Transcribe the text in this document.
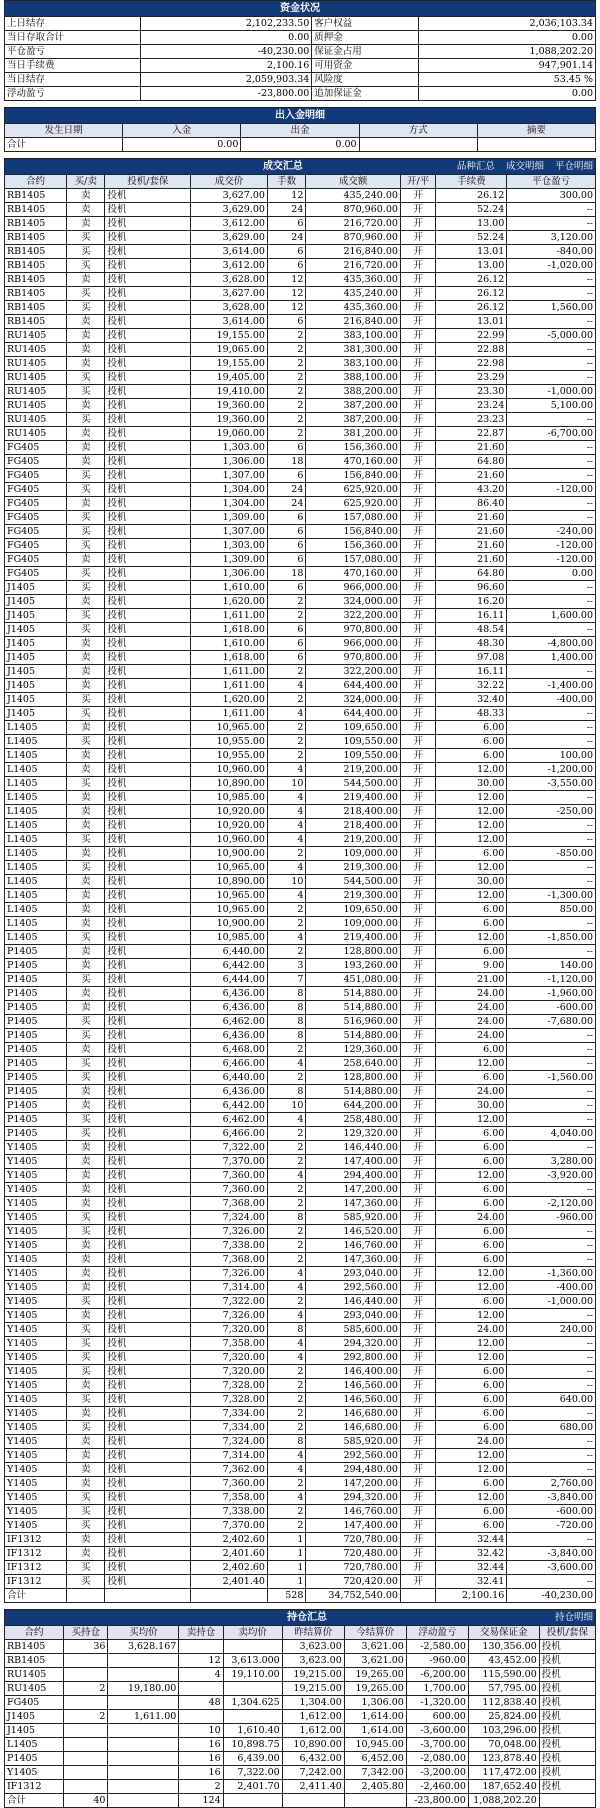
资金状况			
上日结存	2,102,233.50	客户权益	2,036,103.34
当日存取合计	0.00	质押金	0.00
平仓盈亏	-40,230.00	保证金占用	1,088,202.20
当日手续费	2,100.16	可用资金	947,901.14
当日结存	2,059,903.34	风险度	53.45 %
浮动盈亏	-23,800.00	追加保证金	0.00
出入金明细				
发生日期	入金	出金	方式	摘要
合计	0.00	0.00		
成交汇总 品种汇总 成交明细 平仓明细								

合约	买/卖	投机/套保	成交价	手数	成交额	开/平	手续费	平仓盈亏
RB1405	卖	投机	3,627.00	12	435,240.00	开	26.12	300.00
RB1405	卖	投机	3,629.00	24	870,960.00	开	52.24	--
RB1405	卖	投机	3,612.00	6	216,720.00	开	13.00	--
RB1405	买	投机	3,629.00	24	870,960.00	开	52.24	3,120.00
RB1405	买	投机	3,614.00	6	216,840.00	开	13.01	-840.00
RB1405	买	投机	3,612.00	6	216,720.00	开	13.00	-1,020.00
RB1405	卖	投机	3,628.00	12	435,360.00	开	26.12	--
RB1405	买	投机	3,627.00	12	435,240.00	开	26.12	--
RB1405	买	投机	3,628.00	12	435,360.00	开	26.12	1,560.00
RB1405	卖	投机	3,614.00	6	216,840.00	开	13.01	--
RU1405	卖	投机	19,155.00	2	383,100.00	开	22.99	-5,000.00
RU1405	卖	投机	19,065.00	2	381,300.00	开	22.88	--
RU1405	卖	投机	19,155.00	2	383,100.00	开	22.98	--
RU1405	买	投机	19,405.00	2	388,100.00	开	23.29	--
RU1405	买	投机	19,410.00	2	388,200.00	开	23.30	-1,000.00
RU1405	卖	投机	19,360.00	2	387,200.00	开	23.24	5,100.00
RU1405	买	投机	19,360.00	2	387,200.00	开	23.23	--
RU1405	卖	投机	19,060.00	2	381,200.00	开	22.87	-6,700.00
FG405	卖	投机	1,303.00	6	156,360.00	开	21.60	--
FG405	卖	投机	1,306.00	18	470,160.00	开	64.80	--
FG405	买	投机	1,307.00	6	156,840.00	开	21.60	--
FG405	买	投机	1,304.00	24	625,920.00	开	43.20	-120.00
FG405	卖	投机	1,304.00	24	625,920.00	开	86.40	--
FG405	买	投机	1,309.00	6	157,080.00	开	21.60	--
FG405	买	投机	1,307.00	6	156,840.00	开	21.60	-240.00
FG405	买	投机	1,303.00	6	156,360.00	开	21.60	-120.00
FG405	卖	投机	1,309.00	6	157,080.00	开	21.60	-120.00
FG405	买	投机	1,306.00	18	470,160.00	开	64.80	0.00
J1405	买	投机	1,610.00	6	966,000.00	开	96.60	--
J1405	卖	投机	1,620.00	2	324,000.00	开	16.20	--
J1405	买	投机	1,611.00	2	322,200.00	开	16.11	1,600.00
J1405	买	投机	1,618.00	6	970,800.00	开	48.54	--
J1405	卖	投机	1,610.00	6	966,000.00	开	48.30	-4,800.00
J1405	卖	投机	1,618.00	6	970,800.00	开	97.08	1,400.00
J1405	卖	投机	1,611.00	2	322,200.00	开	16.11	--
J1405	卖	投机	1,611.00	4	644,400.00	开	32.22	-1,400.00
J1405	买	投机	1,620.00	2	324,000.00	开	32.40	-400.00
J1405	买	投机	1,611.00	4	644,400.00	开	48.33	--
L1405	卖	投机	10,965.00	2	109,650.00	开	6.00	--
L1405	买	投机	10,955.00	2	109,550.00	开	6.00	--
L1405	卖	投机	10,955.00	2	109,550.00	开	6.00	100.00
L1405	卖	投机	10,960.00	4	219,200.00	开	12.00	-1,200.00
L1405	买	投机	10,890.00	10	544,500.00	开	30.00	-3,550.00
L1405	卖	投机	10,985.00	4	219,400.00	开	12.00	--
L1405	卖	投机	10,920.00	4	218,400.00	开	12.00	-250.00
L1405	卖	投机	10,920.00	4	218,400.00	开	12.00	--
L1405	买	投机	10,960.00	4	219,200.00	开	12.00	--
L1405	卖	投机	10,900.00	2	109,000.00	开	6.00	-850.00
L1405	买	投机	10,965.00	4	219,300.00	开	12.00	--
L1405	卖	投机	10,890.00	10	544,500.00	开	30.00	--
L1405	卖	投机	10,965.00	4	219,300.00	开	12.00	-1,300.00
L1405	卖	投机	10,965.00	2	109,650.00	开	6.00	850.00
L1405	卖	投机	10,900.00	2	109,000.00	开	6.00	--
L1405	买	投机	10,985.00	4	219,400.00	开	12.00	-1,850.00
P1405	卖	投机	6,440.00	2	128,800.00	开	6.00	--
P1405	卖	投机	6,442.00	3	193,260.00	开	9.00	140.00
P1405	买	投机	6,444.00	7	451,080.00	开	21.00	-1,120.00
P1405	卖	投机	6,436.00	8	514,880.00	开	24.00	-1,960.00
P1405	卖	投机	6,436.00	8	514,880.00	开	24.00	-600.00
P1405	买	投机	6,462.00	8	516,960.00	开	24.00	-7,680.00
P1405	买	投机	6,436.00	8	514,880.00	开	24.00	--
P1405	卖	投机	6,468.00	2	129,360.00	开	6.00	--
P1405	买	投机	6,466.00	4	258,640.00	开	12.00	--
P1405	买	投机	6,440.00	2	128,800.00	开	6.00	-1,560.00
P1405	卖	投机	6,436.00	8	514,880.00	开	24.00	--
P1405	卖	投机	6,442.00	10	644,200.00	开	30.00	--
P1405	买	投机	6,462.00	4	258,480.00	开	12.00	--
P1405	买	投机	6,466.00	2	129,320.00	开	6.00	4,040.00
Y1405	卖	投机	7,322.00	2	146,440.00	开	6.00	--
Y1405	卖	投机	7,370.00	2	147,400.00	开	6.00	3,280.00
Y1405	卖	投机	7,360.00	4	294,400.00	开	12.00	-3,920.00
Y1405	卖	投机	7,360.00	2	147,200.00	开	6.00	--
Y1405	卖	投机	7,368.00	2	147,360.00	开	6.00	-2,120.00
Y1405	买	投机	7,324.00	8	585,920.00	开	24.00	-960.00
Y1405	买	投机	7,326.00	2	146,520.00	开	6.00	--
Y1405	卖	投机	7,338.00	2	146,760.00	开	6.00	--
Y1405	卖	投机	7,368.00	2	147,360.00	开	6.00	--
Y1405	卖	投机	7,326.00	4	293,040.00	开	12.00	-1,360.00
Y1405	卖	投机	7,314.00	4	292,560.00	开	12.00	-400.00
Y1405	买	投机	7,322.00	2	146,440.00	开	6.00	-1,000.00
Y1405	卖	投机	7,326.00	4	293,040.00	开	12.00	--
Y1405	买	投机	7,320.00	8	585,600.00	开	24.00	240.00
Y1405	买	投机	7,358.00	4	294,320.00	开	12.00	--
Y1405	买	投机	7,320.00	4	292,800.00	开	12.00	--
Y1405	买	投机	7,320.00	2	146,400.00	开	6.00	--
Y1405	卖	投机	7,328.00	2	146,560.00	开	6.00	--
Y1405	买	投机	7,328.00	2	146,560.00	开	6.00	640.00
Y1405	卖	投机	7,334.00	2	146,680.00	开	6.00	--
Y1405	买	投机	7,334.00	2	146,680.00	开	6.00	680.00
Y1405	卖	投机	7,324.00	8	585,920.00	开	24.00	--
Y1405	卖	投机	7,314.00	4	292,560.00	开	12.00	--
Y1405	卖	投机	7,362.00	4	294,480.00	开	12.00	--
Y1405	卖	投机	7,360.00	2	147,200.00	开	6.00	2,760.00
Y1405	买	投机	7,358.00	4	294,320.00	开	12.00	-3,840.00
Y1405	买	投机	7,338.00	2	146,760.00	开	6.00	-600.00
Y1405	买	投机	7,370.00	2	147,400.00	开	6.00	-720.00
IF1312	卖	投机	2,402.60	1	720,780.00	开	32.44	--
IF1312	卖	投机	2,401.60	1	720,480.00	开	32.42	-3,840.00
IF1312	买	投机	2,402.60	1	720,780.00	开	32.44	-3,600.00
IF1312	买	投机	2,401.40	1	720,420.00	开	32.41	--
合计				528	34,752,540.00		2,100.16	-40,230.00
持仓汇总 持仓明细									

合约	买持仓	买均价	卖持仓	卖均价	昨结算价	今结算价	浮动盈亏	交易保证金	投机/套保
RB1405	36	3,628.167			3,623.00	3,621.00	-2,580.00	130,356.00	投机
RB1405			12	3,613.000	3,623.00	3,621.00	-960.00	43,452.00	投机
RU1405			4	19,110.00	19,215.00	19,265.00	-6,200.00	115,590.00	投机
RU1405	2	19,180.00			19,215.00	19,265.00	1,700.00	57,795.00	投机
FG405			48	1,304.625	1,304.00	1,306.00	-1,320.00	112,838.40	投机
J1405	2	1,611.00			1,612.00	1,614.00	600.00	25,824.00	投机
J1405			10	1,610.40	1,612.00	1,614.00	-3,600.00	103,296.00	投机
L1405			16	10,898.75	10,890.00	10,945.00	-3,700.00	70,048.00	投机
P1405			16	6,439.00	6,432.00	6,452.00	-2,080.00	123,878.40	投机
Y1405			16	7,322.00	7,242.00	7,342.00	-3,200.00	117,472.00	投机
IF1312			2	2,401.70	2,411.40	2,405.80	-2,460.00	187,652.40	投机
合计	40		124				-23,800.00	1,088,202.20	
